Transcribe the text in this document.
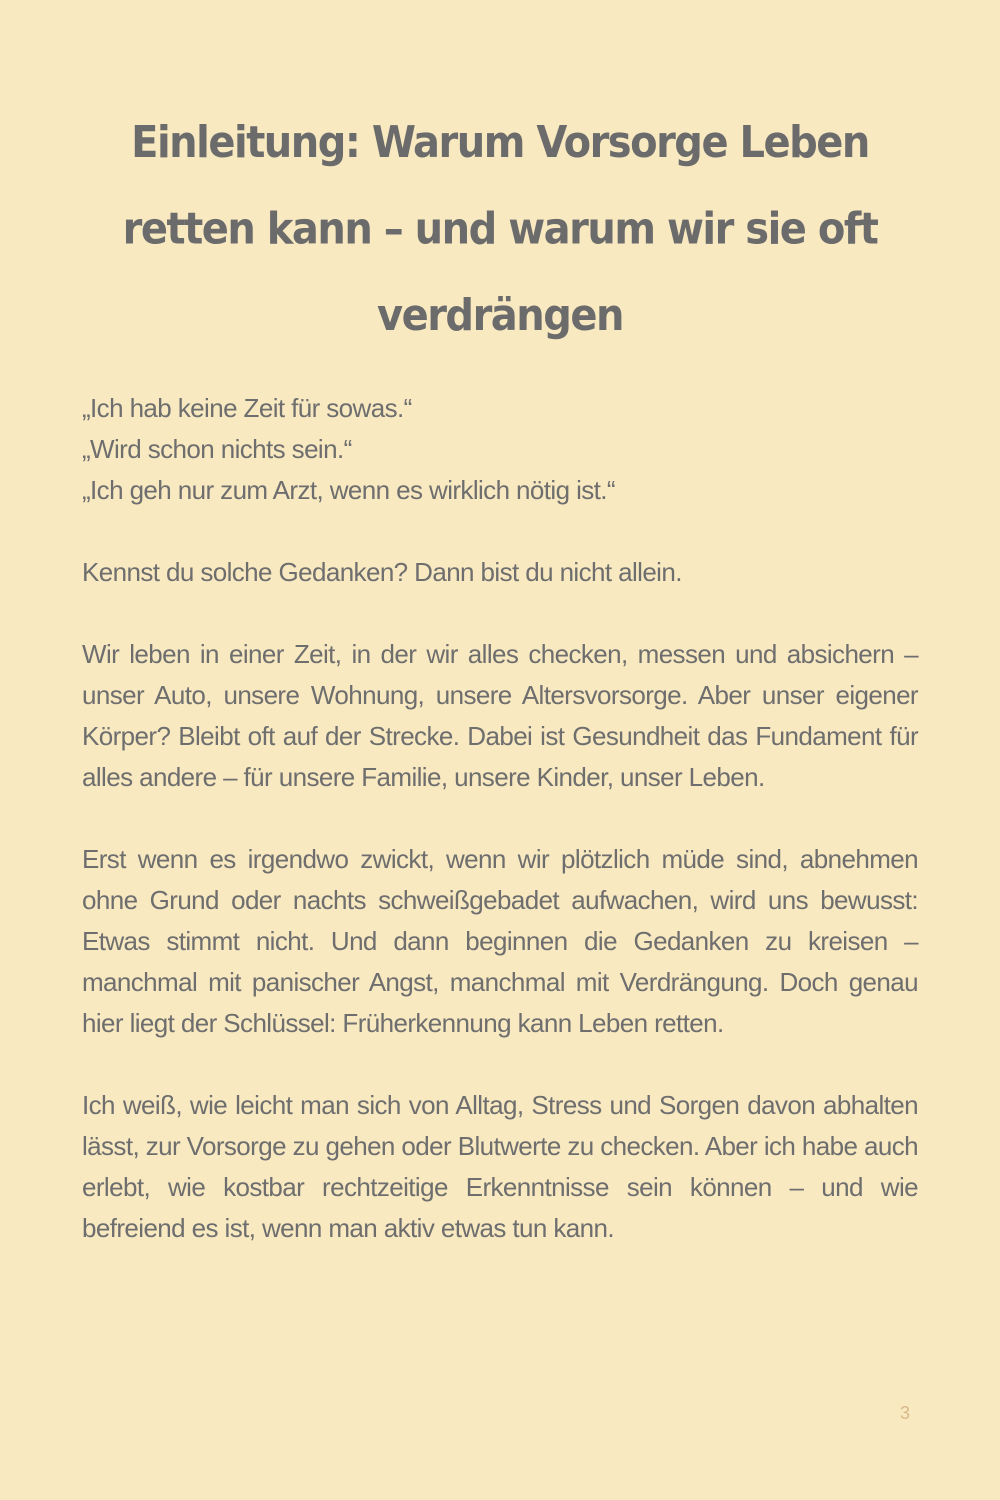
Einleitung: Warum Vorsorge Leben retten kann – und warum wir sie oft verdrängen

„Ich hab keine Zeit für sowas.“

„Wird schon nichts sein.“

„Ich geh nur zum Arzt, wenn es wirklich nötig ist.“

Kennst du solche Gedanken? Dann bist du nicht allein.

Wir leben in einer Zeit, in der wir alles checken, messen und absichern – unser Auto, unsere Wohnung, unsere Altersvorsorge. Aber unser eigener Körper? Bleibt oft auf der Strecke. Dabei ist Gesundheit das Fundament für alles andere – für unsere Familie, unsere Kinder, unser Leben.

Erst wenn es irgendwo zwickt, wenn wir plötzlich müde sind, abnehmen ohne Grund oder nachts schweißgebadet aufwachen, wird uns bewusst: Etwas stimmt nicht. Und dann beginnen die Gedanken zu kreisen – manchmal mit panischer Angst, manchmal mit Verdrängung. Doch genau hier liegt der Schlüssel: Früherkennung kann Leben retten.

Ich weiß, wie leicht man sich von Alltag, Stress und Sorgen davon abhalten lässt, zur Vorsorge zu gehen oder Blutwerte zu checken. Aber ich habe auch erlebt, wie kostbar rechtzeitige Erkenntnisse sein können – und wie befreiend es ist, wenn man aktiv etwas tun kann.

3
